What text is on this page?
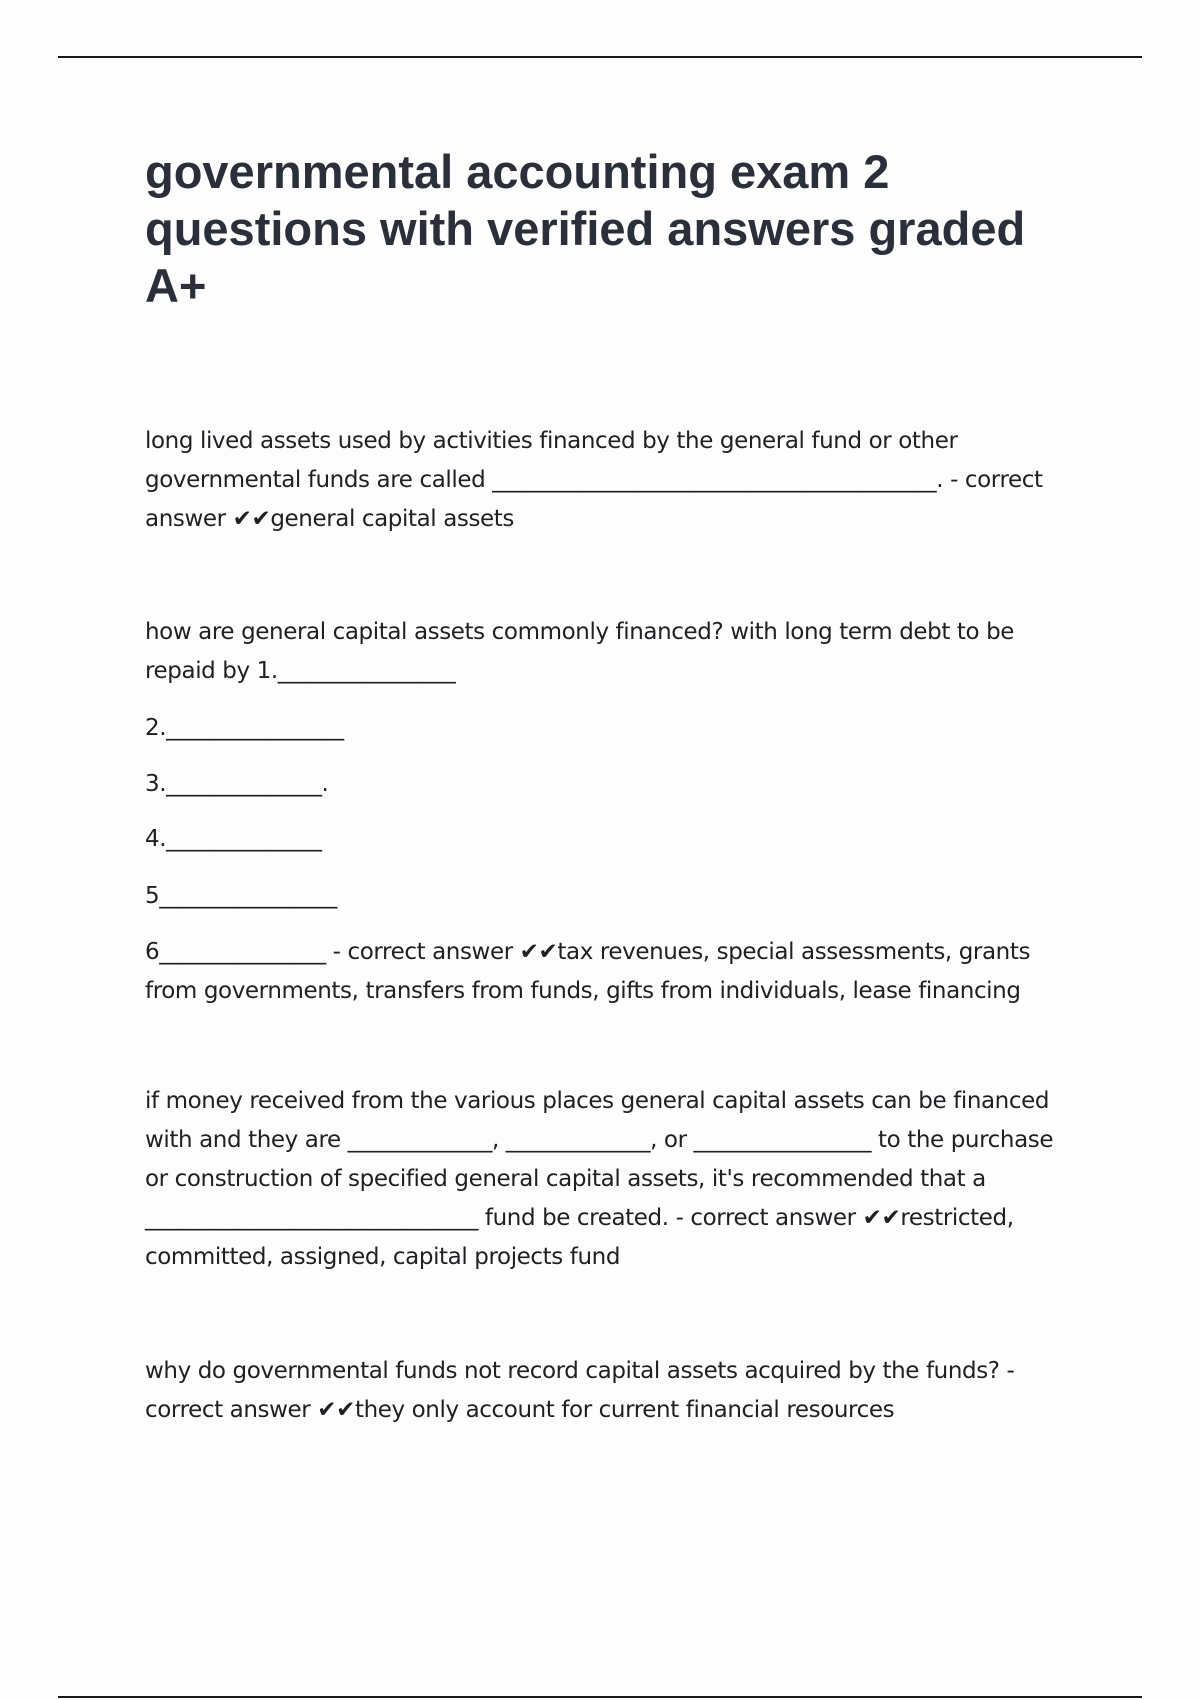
governmental accounting exam 2 questions with verified answers graded A+

long lived assets used by activities financed by the general fund or other governmental funds are called ________________________________________. - correct answer ✔✔general capital assets

how are general capital assets commonly financed? with long term debt to be repaid by 1.________________

2.________________

3.______________.

4.______________

5________________

6_______________ - correct answer ✔✔tax revenues, special assessments, grants from governments, transfers from funds, gifts from individuals, lease financing

if money received from the various places general capital assets can be financed with and they are _____________, _____________, or ________________ to the purchase or construction of specified general capital assets, it's recommended that a ______________________________ fund be created. - correct answer ✔✔restricted, committed, assigned, capital projects fund

why do governmental funds not record capital assets acquired by the funds? - correct answer ✔✔they only account for current financial resources
